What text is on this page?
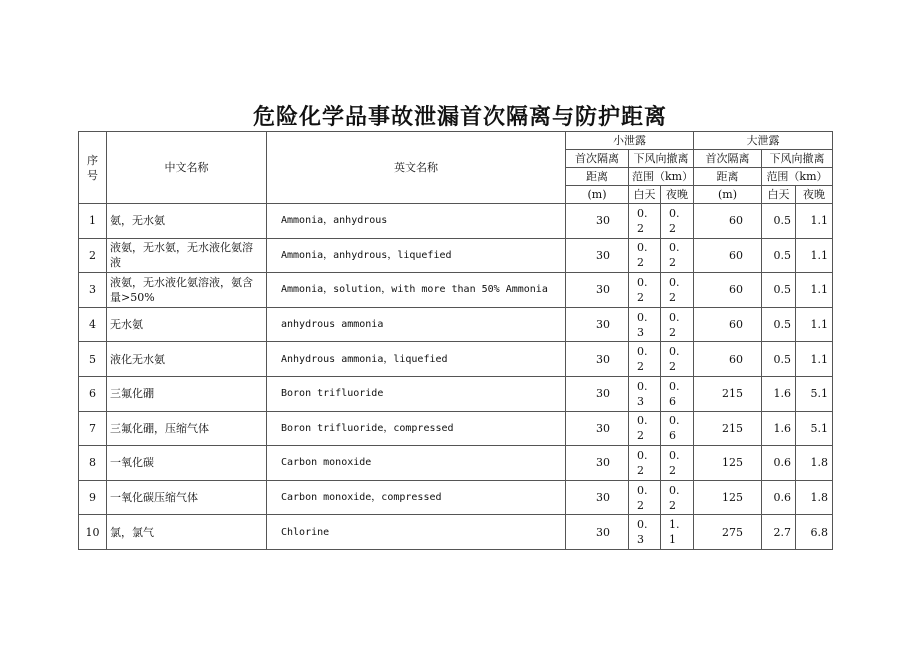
危险化学品事故泄漏首次隔离与防护距离
序号	中文名称	英文名称	小泄露			大泄露		
			首次隔离	下风向撤离		首次隔离	下风向撤离	
			距离	范围（km）		距离	范围（km）	
			(m)	白天	夜晚	(m)	白天	夜晚
1	氨，无水氨	Ammonia，anhydrous	30	0.2	0.2	60	0.5	1.1
2	液氨，无水氨，无水液化氨溶液	Ammonia，anhydrous，liquefied	30	0.2	0.2	60	0.5	1.1
3	液氨，无水液化氨溶液，氨含量>50%	Ammonia，solution，with more than 50% Ammonia	30	0.2	0.2	60	0.5	1.1
4	无水氨	anhydrous ammonia	30	0.3	0.2	60	0.5	1.1
5	液化无水氨	Anhydrous ammonia，liquefied	30	0.2	0.2	60	0.5	1.1
6	三氟化硼	Boron trifluoride	30	0.3	0.6	215	1.6	5.1
7	三氟化硼，压缩气体	Boron trifluoride，compressed	30	0.2	0.6	215	1.6	5.1
8	一氧化碳	Carbon monoxide	30	0.2	0.2	125	0.6	1.8
9	一氧化碳压缩气体	Carbon monoxide，compressed	30	0.2	0.2	125	0.6	1.8
10	氯，氯气	Chlorine	30	0.3	1.1	275	2.7	6.8
